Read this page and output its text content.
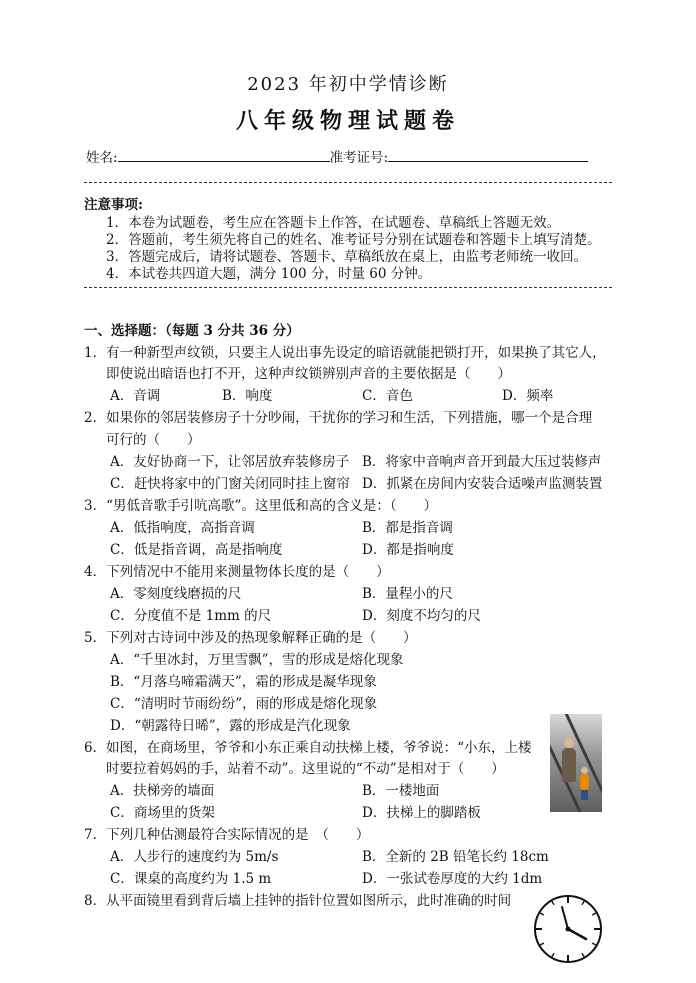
2023 年初中学情诊断
八年级物理试题卷
姓名:	准考证号:
注意事项:
1．本卷为试题卷，考生应在答题卡上作答，在试题卷、草稿纸上答题无效。
2．答题前，考生须先将自己的姓名、准考证号分别在试题卷和答题卡上填写清楚。
3．答题完成后，请将试题卷、答题卡、草稿纸放在桌上，由监考老师统一收回。
4．本试卷共四道大题，满分 100 分，时量 60 分钟。
一、选择题：（每题 3 分共 36 分）
1．有一种新型声纹锁，只要主人说出事先设定的暗语就能把锁打开，如果换了其它人，
即使说出暗语也打不开，这种声纹锁辨别声音的主要依据是（　　）
A．音调	B．响度	C．音色	D．频率
2．如果你的邻居装修房子十分吵闹，干扰你的学习和生活，下列措施，哪一个是合理
可行的（　　）
A．友好协商一下，让邻居放弃装修房子 B．将家中音响声音开到最大压过装修声
C．赶快将家中的门窗关闭同时挂上窗帘 D．抓紧在房间内安装合适噪声监测装置
3．“男低音歌手引吭高歌”。这里低和高的含义是：（　　）
A．低指响度，高指音调	B．都是指音调
C．低是指音调，高是指响度	D．都是指响度
4．下列情况中不能用来测量物体长度的是（　　）
A．零刻度线磨损的尺	B．量程小的尺
C．分度值不是 1mm 的尺	D．刻度不均匀的尺
5．下列对古诗词中涉及的热现象解释正确的是（　　）
A．“千里冰封，万里雪飘”，雪的形成是熔化现象
B．“月落乌啼霜满天”，霜的形成是凝华现象
C．“清明时节雨纷纷”，雨的形成是熔化现象
D．“朝露待日晞”，露的形成是汽化现象
6．如图，在商场里，爷爷和小东正乘自动扶梯上楼，爷爷说：“小东，上楼
时要拉着妈妈的手，站着不动”。这里说的“不动”是相对于（　　）
A．扶梯旁的墙面	B．一楼地面
C．商场里的货架	D．扶梯上的脚踏板
7．下列几种估测最符合实际情况的是　（　　）
A．人步行的速度约为 5m/s	B．全新的 2B 铅笔长约 18cm
C．课桌的高度约为 1.5 m	D．一张试卷厚度的大约 1dm
8．从平面镜里看到背后墙上挂钟的指针位置如图所示，此时准确的时间
